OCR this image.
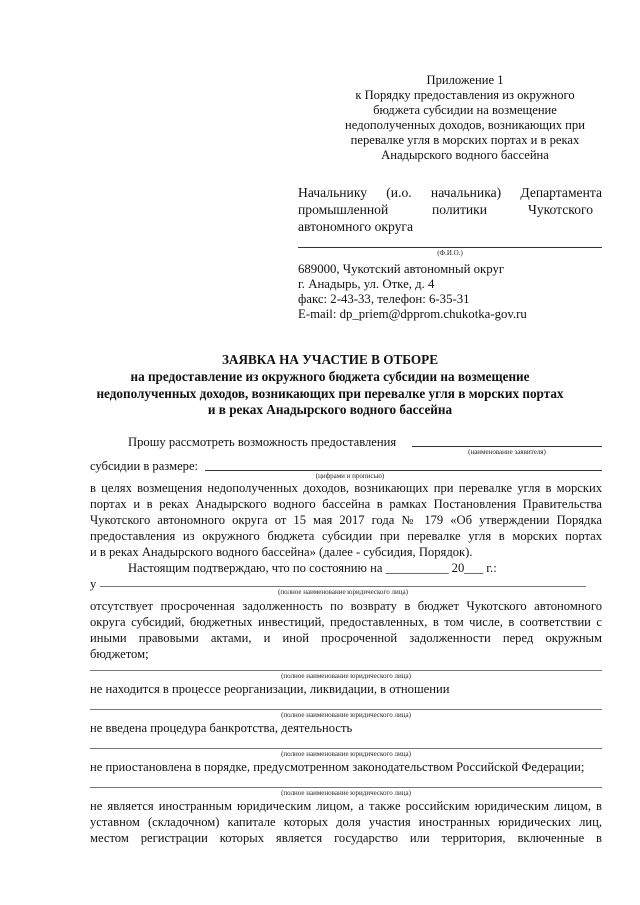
Приложение 1
к Порядку предоставления из окружного
бюджета субсидии на возмещение
недополученных доходов, возникающих при
перевалке угля в морских портах и в реках
Анадырского водного бассейна
Начальнику (и.о. начальника) Департамента
промышленной	политики	Чукотского
автономного округа
(Ф.И.О.)
689000, Чукотский автономный округ
г. Анадырь, ул. Отке, д. 4
факс: 2-43-33, телефон: 6-35-31
E-mail: dp_priem@dpprom.chukotka-gov.ru
ЗАЯВКА НА УЧАСТИЕ В ОТБОРЕ
на предоставление из окружного бюджета субсидии на возмещение
недополученных доходов, возникающих при перевалке угля в морских портах
и в реках Анадырского водного бассейна
Прошу рассмотреть возможность предоставления
(наименование заявителя)
субсидии в размере:
(цифрами и прописью)
в целях возмещения недополученных доходов, возникающих при перевалке угля в морских
портах и в реках Анадырского водного бассейна в рамках Постановления Правительства
Чукотского автономного округа от 15 мая 2017 года № 179 «Об утверждении Порядка
предоставления из окружного бюджета субсидии при перевалке угля в морских портах
и в реках Анадырского водного бассейна» (далее - субсидия, Порядок).
Настоящим подтверждаю, что по состоянию на __________ 20___ г.:
у
(полное наименование юридического лица)
отсутствует просроченная задолженность по возврату в бюджет Чукотского автономного
округа субсидий, бюджетных инвестиций, предоставленных, в том числе, в соответствии с
иными правовыми актами, и иной просроченной задолженности перед окружным
бюджетом;
(полное наименование юридического лица)
не находится в процессе реорганизации, ликвидации, в отношении
(полное наименование юридического лица)
не введена процедура банкротства, деятельность
(полное наименование юридического лица)
не приостановлена в порядке, предусмотренном законодательством Российской Федерации;
(полное наименование юридического лица)
не является иностранным юридическим лицом, а также российским юридическим лицом, в
уставном (складочном) капитале которых доля участия иностранных юридических лиц,
местом регистрации которых является государство или территория, включенные в
